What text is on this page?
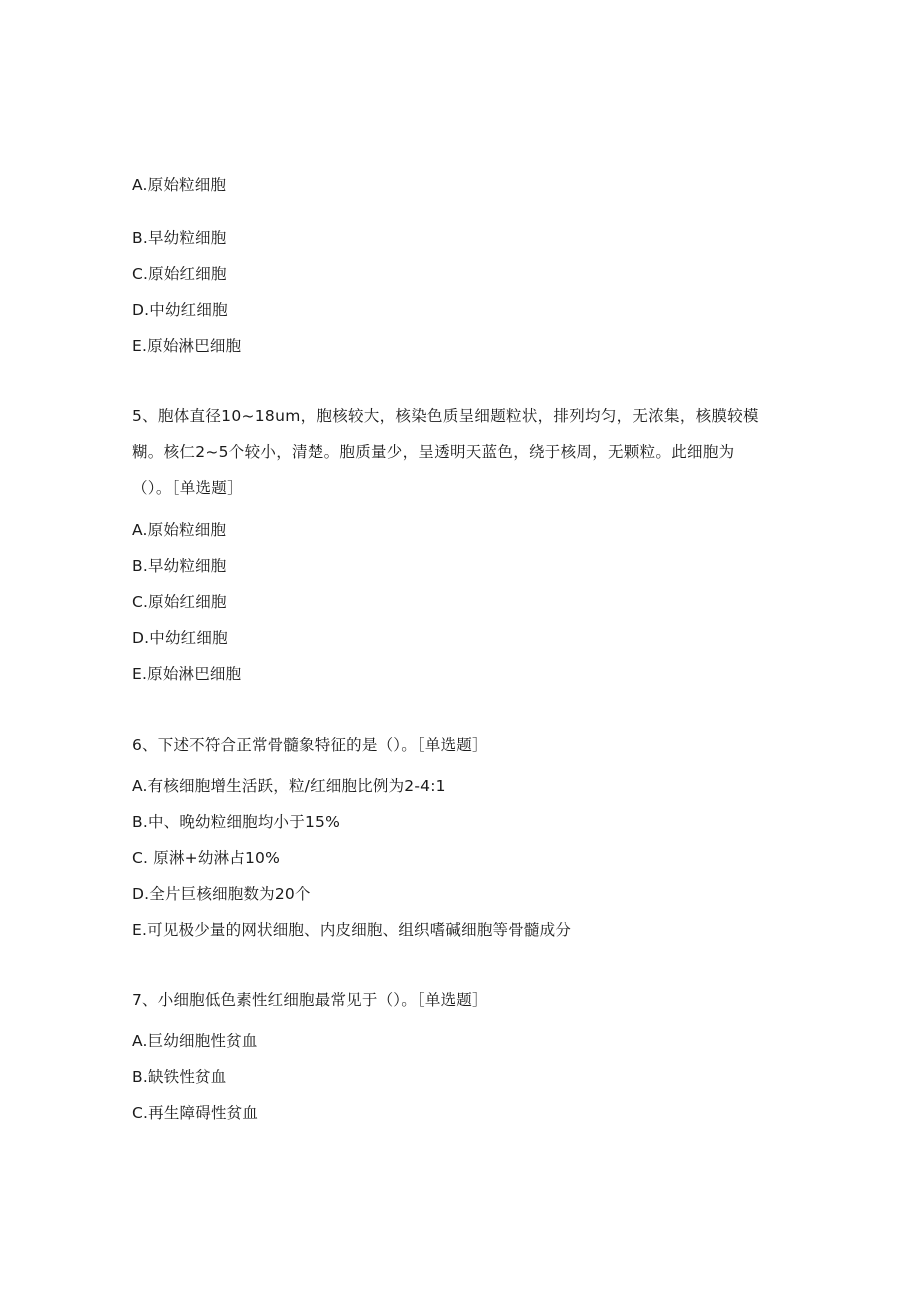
A.原始粒细胞
B.早幼粒细胞
C.原始红细胞
D.中幼红细胞
E.原始淋巴细胞
5、胞体直径10~18um，胞核较大，核染色质呈细题粒状，排列均匀，无浓集，核膜较模
糊。核仁2~5个较小，清楚。胞质量少，呈透明天蓝色，绕于核周，无颗粒。此细胞为
（）。［单选题］
A.原始粒细胞
B.早幼粒细胞
C.原始红细胞
D.中幼红细胞
E.原始淋巴细胞
6、下述不符合正常骨髓象特征的是（）。［单选题］
A.有核细胞增生活跃，粒/红细胞比例为2-4:1
B.中、晚幼粒细胞均小于15%
C. 原淋+幼淋占10%
D.全片巨核细胞数为20个
E.可见极少量的网状细胞、内皮细胞、组织嗜碱细胞等骨髓成分
7、小细胞低色素性红细胞最常见于（）。［单选题］
A.巨幼细胞性贫血
B.缺铁性贫血
C.再生障碍性贫血
